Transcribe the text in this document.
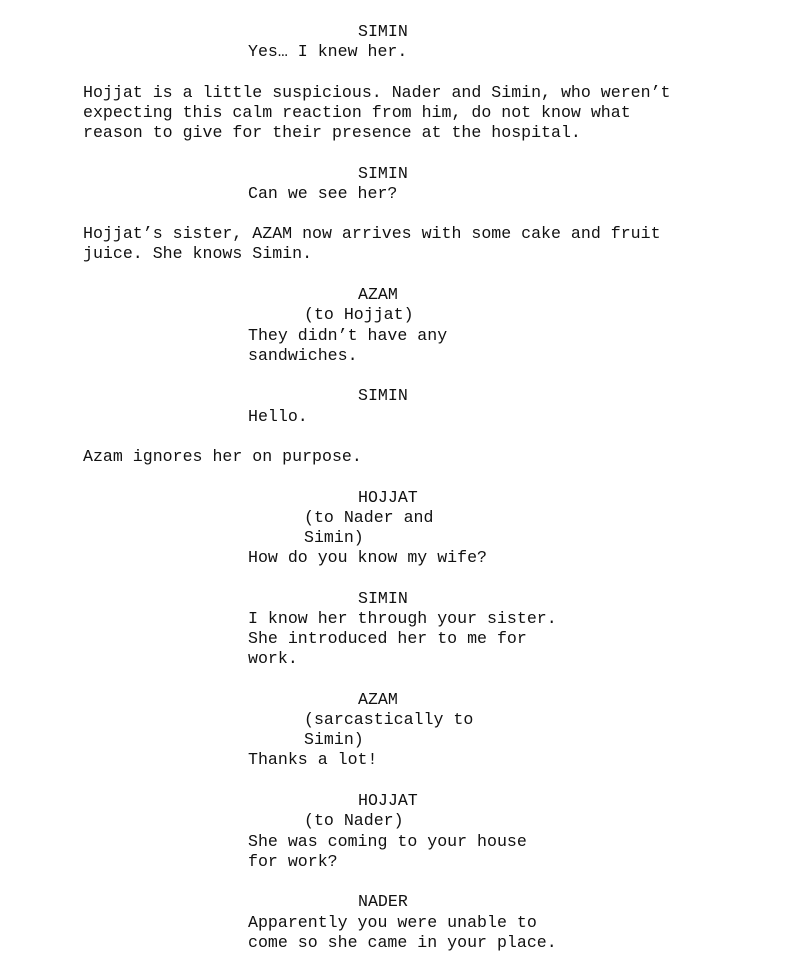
SIMIN

Yes… I knew her.

Hojjat is a little suspicious. Nader and Simin, who weren’t

expecting this calm reaction from him, do not know what

reason to give for their presence at the hospital.

SIMIN

Can we see her?

Hojjat’s sister, AZAM now arrives with some cake and fruit

juice. She knows Simin.

AZAM

(to Hojjat)

They didn’t have any

sandwiches.

SIMIN

Hello.

Azam ignores her on purpose.

HOJJAT

(to Nader and

Simin)

How do you know my wife?

SIMIN

I know her through your sister.

She introduced her to me for

work.

AZAM

(sarcastically to

Simin)

Thanks a lot!

HOJJAT

(to Nader)

She was coming to your house

for work?

NADER

Apparently you were unable to

come so she came in your place.
